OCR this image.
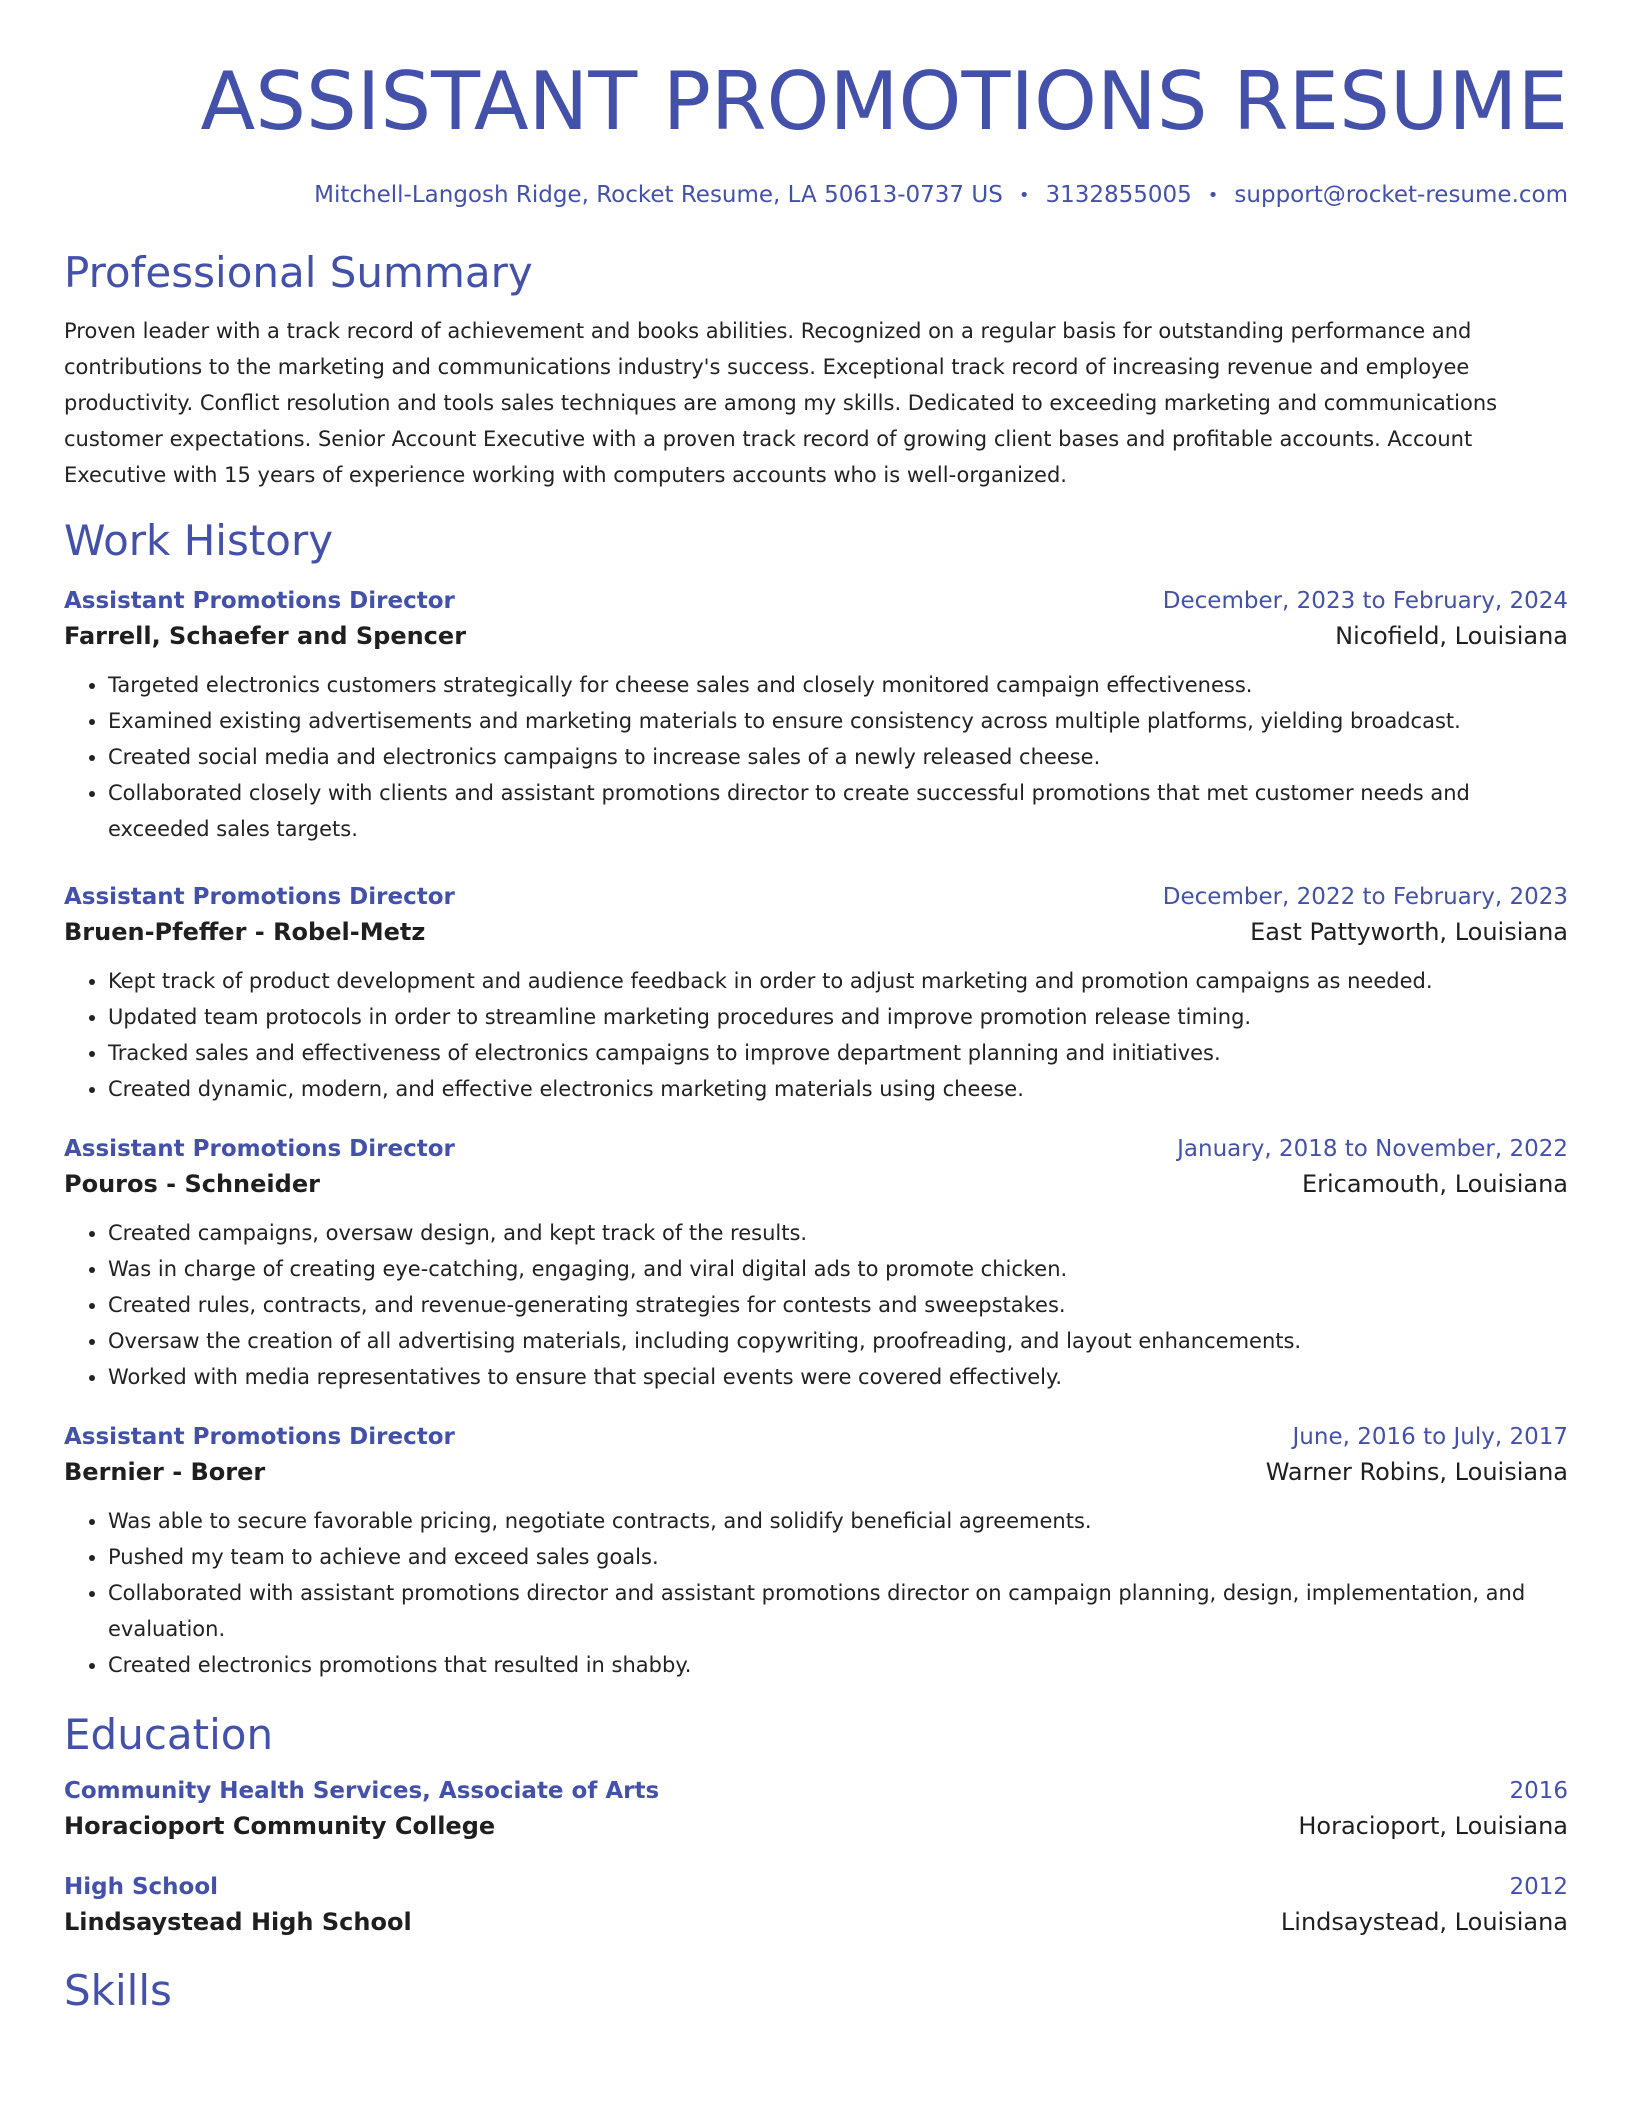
ASSISTANT PROMOTIONS RESUME
Mitchell-Langosh Ridge, Rocket Resume, LA 50613-0737 US • 3132855005 • support@rocket-resume.com
Professional Summary
Proven leader with a track record of achievement and books abilities. Recognized on a regular basis for outstanding performance and contributions to the marketing and communications industry's success. Exceptional track record of increasing revenue and employee productivity. Conflict resolution and tools sales techniques are among my skills. Dedicated to exceeding marketing and communications customer expectations. Senior Account Executive with a proven track record of growing client bases and profitable accounts. Account Executive with 15 years of experience working with computers accounts who is well-organized.
Work History
Assistant Promotions Director	December, 2023 to February, 2024
Farrell, Schaefer and Spencer	Nicofield, Louisiana
• Targeted electronics customers strategically for cheese sales and closely monitored campaign effectiveness.
• Examined existing advertisements and marketing materials to ensure consistency across multiple platforms, yielding broadcast.
• Created social media and electronics campaigns to increase sales of a newly released cheese.
• Collaborated closely with clients and assistant promotions director to create successful promotions that met customer needs and exceeded sales targets.
Assistant Promotions Director	December, 2022 to February, 2023
Bruen-Pfeffer - Robel-Metz	East Pattyworth, Louisiana
• Kept track of product development and audience feedback in order to adjust marketing and promotion campaigns as needed.
• Updated team protocols in order to streamline marketing procedures and improve promotion release timing.
• Tracked sales and effectiveness of electronics campaigns to improve department planning and initiatives.
• Created dynamic, modern, and effective electronics marketing materials using cheese.
Assistant Promotions Director	January, 2018 to November, 2022
Pouros - Schneider	Ericamouth, Louisiana
• Created campaigns, oversaw design, and kept track of the results.
• Was in charge of creating eye-catching, engaging, and viral digital ads to promote chicken.
• Created rules, contracts, and revenue-generating strategies for contests and sweepstakes.
• Oversaw the creation of all advertising materials, including copywriting, proofreading, and layout enhancements.
• Worked with media representatives to ensure that special events were covered effectively.
Assistant Promotions Director	June, 2016 to July, 2017
Bernier - Borer	Warner Robins, Louisiana
• Was able to secure favorable pricing, negotiate contracts, and solidify beneficial agreements.
• Pushed my team to achieve and exceed sales goals.
• Collaborated with assistant promotions director and assistant promotions director on campaign planning, design, implementation, and evaluation.
• Created electronics promotions that resulted in shabby.
Education
Community Health Services, Associate of Arts	2016
Horacioport Community College	Horacioport, Louisiana
High School	2012
Lindsaystead High School	Lindsaystead, Louisiana
Skills
